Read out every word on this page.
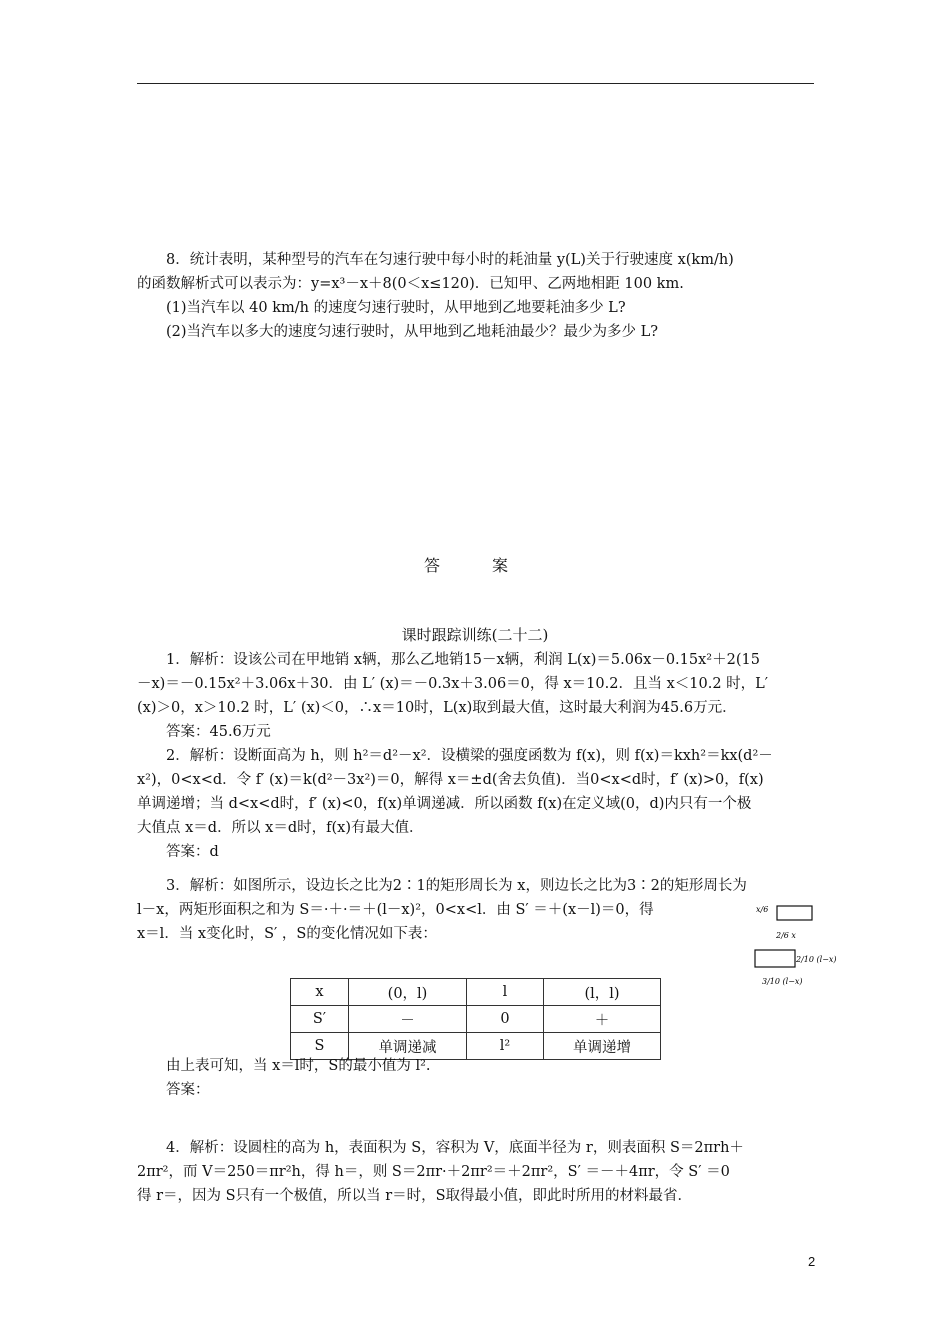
8．统计表明，某种型号的汽车在匀速行驶中每小时的耗油量 y(L)关于行驶速度 x(km/h)

的函数解析式可以表示为：y=x³－x＋8(0＜x≤120)．已知甲、乙两地相距 100 km.

(1)当汽车以 40 km/h 的速度匀速行驶时，从甲地到乙地要耗油多少 L?

(2)当汽车以多大的速度匀速行驶时，从甲地到乙地耗油最少？最少为多少 L?

答　案
课时跟踪训练(二十二)

1．解析：设该公司在甲地销 x辆，那么乙地销15－x辆，利润 L(x)＝5.06x－0.15x²＋2(15

－x)＝－0.15x²＋3.06x＋30．由 L′ (x)＝－0.3x＋3.06＝0，得 x＝10.2．且当 x＜10.2 时，L′

(x)＞0，x＞10.2 时，L′ (x)＜0，∴x＝10时，L(x)取到最大值，这时最大利润为45.6万元．

答案：45.6万元

2．解析：设断面高为 h，则 h²＝d²－x²．设横梁的强度函数为 f(x)，则 f(x)＝kxh²＝kx(d²－

x²)，0<x<d．令 f′ (x)＝k(d²－3x²)＝0，解得 x＝±d(舍去负值)．当0<x<d时，f′ (x)>0，f(x)

单调递增；当 d<x<d时，f′ (x)<0，f(x)单调递减．所以函数 f(x)在定义域(0，d)内只有一个极

大值点 x＝d．所以 x＝d时，f(x)有最大值．

答案：d

3．解析：如图所示，设边长之比为2∶1的矩形周长为 x，则边长之比为3∶2的矩形周长为

l－x，两矩形面积之和为 S＝·＋·＝＋(l－x)²，0<x<l．由 S′ ＝＋(x－l)＝0，得

x＝l．当 x变化时，S′ ，S的变化情况如下表：

x/6
2/6 x
2/10 (l−x)
3/10 (l−x)
x	(0，l)	l	(l，l)
S′	－	0	＋
S	单调递减	l²	单调递增

由上表可知，当 x＝l时，S的最小值为 l².

答案：

4．解析：设圆柱的高为 h，表面积为 S，容积为 V，底面半径为 r，则表面积 S＝2πrh＋

2πr²，而 V＝250＝πr²h，得 h＝，则 S＝2πr·＋2πr²＝＋2πr²，S′ ＝－＋4πr，令 S′ ＝0

得 r＝，因为 S只有一个极值，所以当 r＝时，S取得最小值，即此时所用的材料最省．

2
